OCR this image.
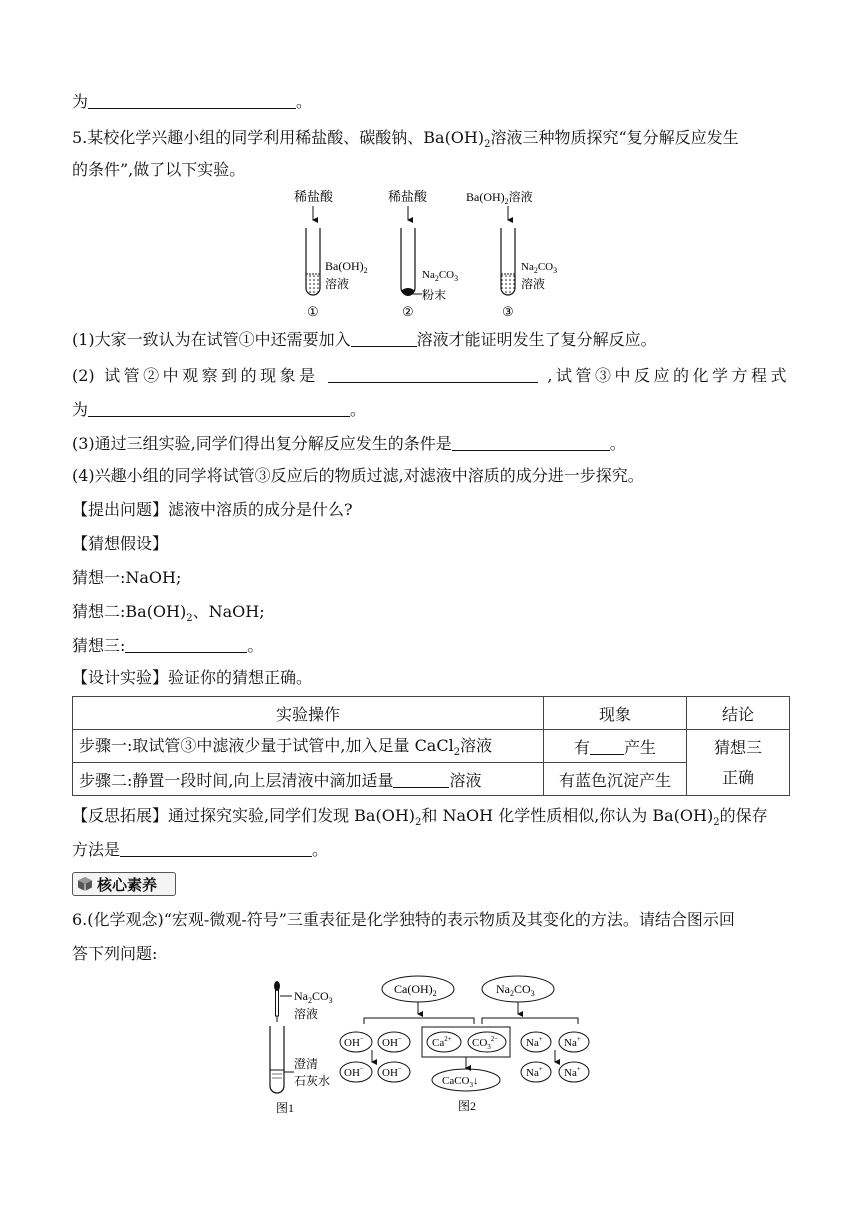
为	。
5.某校化学兴趣小组的同学利用稀盐酸、碳酸钠、$Ba(OH)_2$溶液三种物质探究“复分解反应发生
的条件”,做了以下实验。
稀盐酸
$Ba(OH)_2$
溶液
①
稀盐酸
$Na_2CO_3$
粉末
②
$Ba(OH)_2$溶液
$Na_2CO_3$
溶液
③
(1)大家一致认为在试管①中还需要加入	溶液才能证明发生了复分解反应。
(2) 试管②中观察到的现象是	,试管③中反应的化学方程式
为	。
(3)通过三组实验,同学们得出复分解反应发生的条件是	。
(4)兴趣小组的同学将试管③反应后的物质过滤,对滤液中溶质的成分进一步探究。
【提出问题】滤液中溶质的成分是什么?
【猜想假设】
猜想一:NaOH;
猜想二$:Ba(OH)_2$、NaOH;
猜想三:	。
【设计实验】验证你的猜想正确。
实验操作	现象	结论
步骤一:取试管③中滤液少量于试管中,加入足量 CaCl$_2$溶液	有 产生	猜想三
正确
步骤二:静置一段时间,向上层清液中滴加适量 溶液	有蓝色沉淀产生	
【反思拓展】通过探究实验,同学们发现 $Ba(OH)_2$和 NaOH 化学性质相似,你认为 $Ba(OH)_2$的保存
方法是	。
核心素养
6.(化学观念)“宏观-微观-符号”三重表征是化学独特的表示物质及其变化的方法。请结合图示回
答下列问题:
$Na_2CO_3$
溶液
澄清
石灰水
图1
$Ca(OH)_2$	$Na_2CO_3$
OH− OH−	$Ca^{2+}$ $CO_3^{2-}$	Na+ Na+
OH− OH−
CaCO$_3$↓
Na+ Na+
图2
